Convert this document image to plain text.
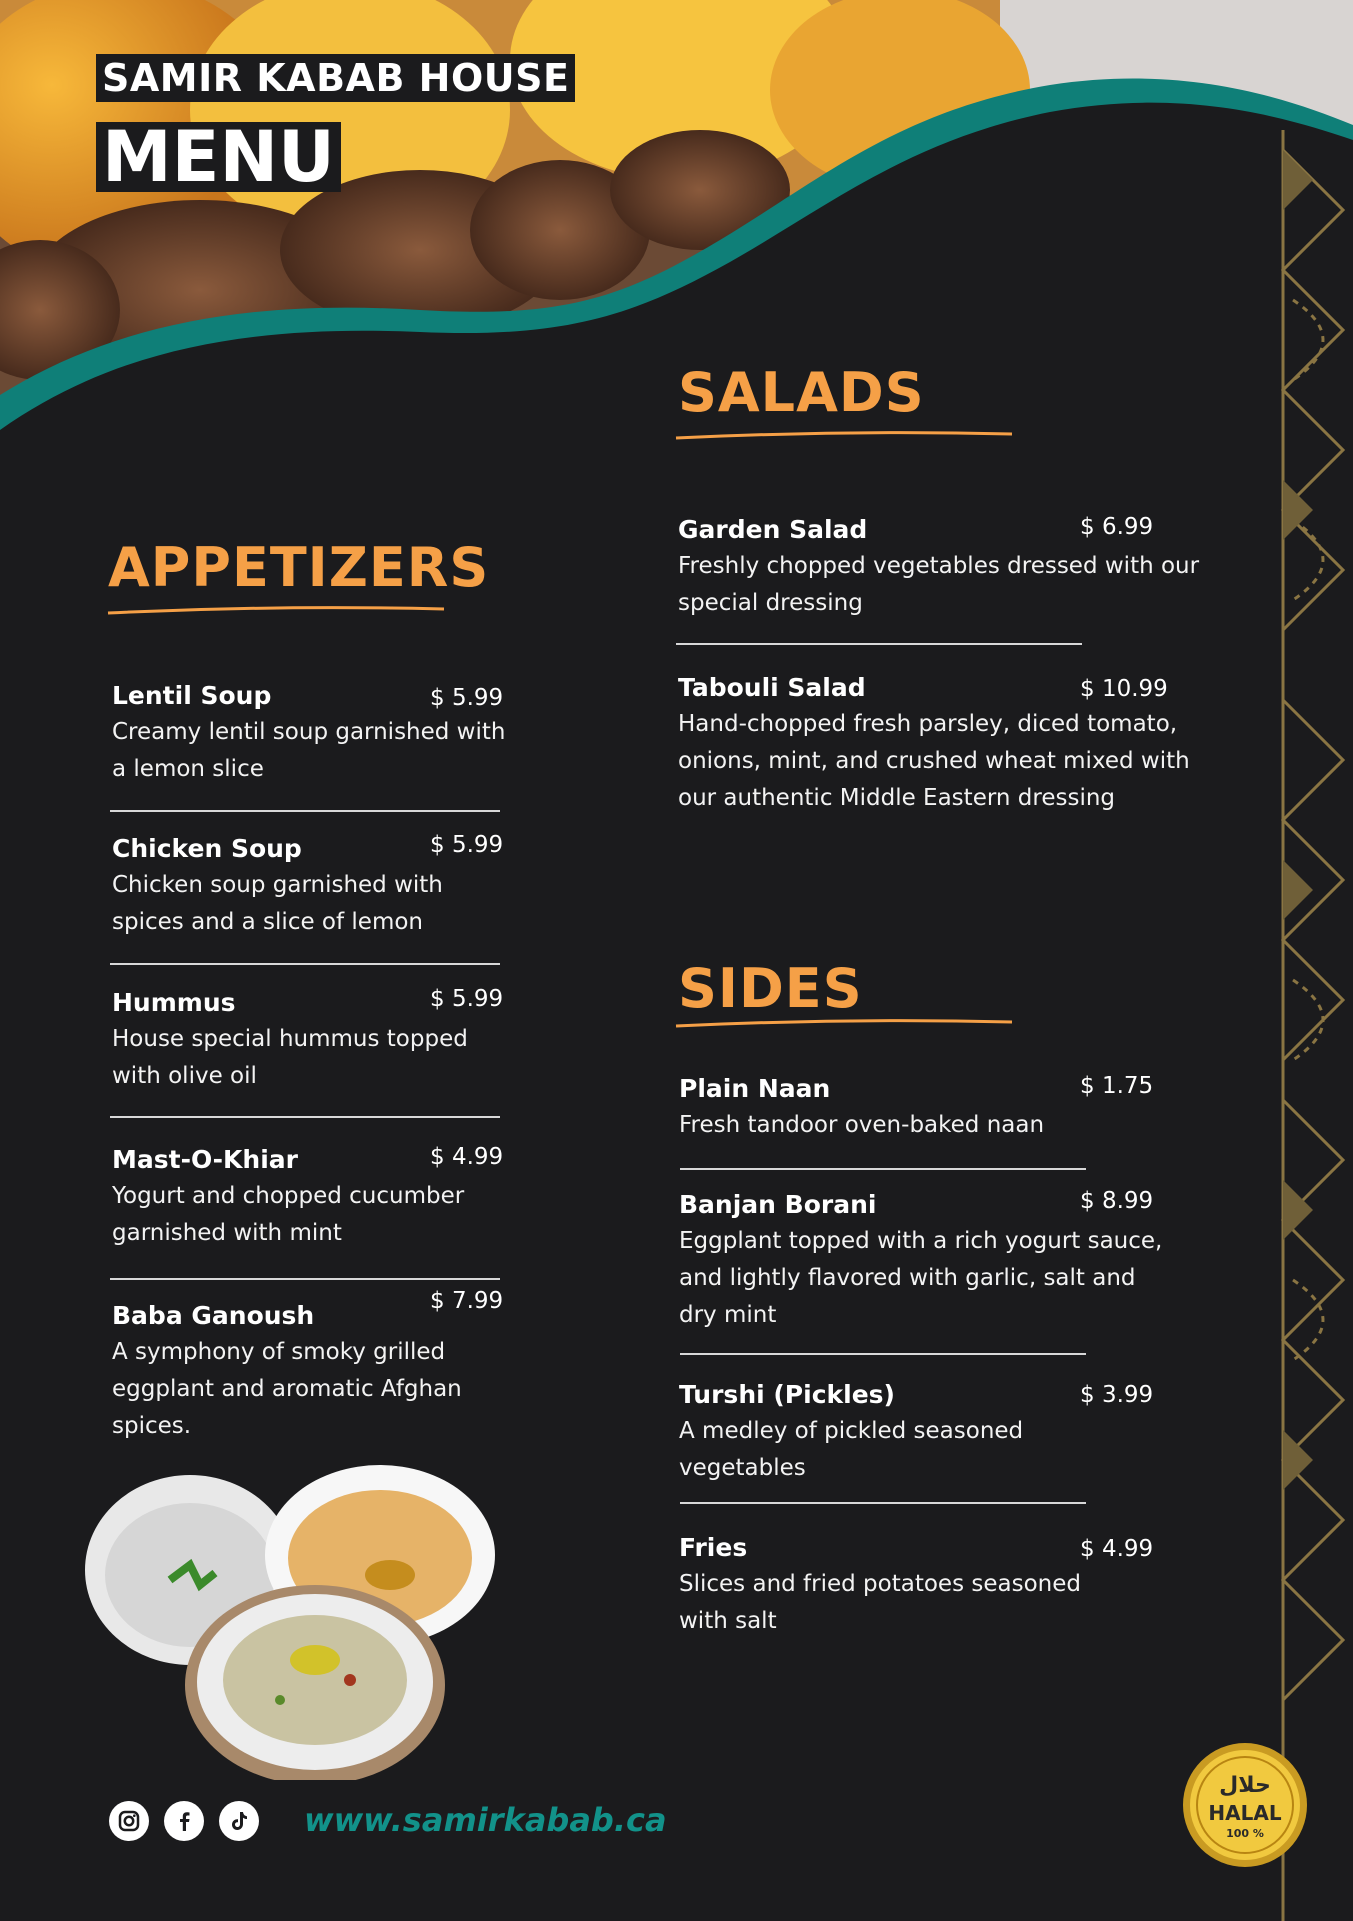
SAMIR KABAB HOUSE
MENU
APPETIZERS
Lentil Soup	$ 5.99
Creamy lentil soup garnished with
a lemon slice
Chicken Soup	$ 5.99
Chicken soup garnished with
spices and a slice of lemon
Hummus	$ 5.99
House special hummus topped
with olive oil
Mast-O-Khiar	$ 4.99
Yogurt and chopped cucumber
garnished with mint
Baba Ganoush	$ 7.99
A symphony of smoky grilled
eggplant and aromatic Afghan
spices.
SALADS
Garden Salad	$ 6.99
Freshly chopped vegetables dressed with our
special dressing
Tabouli Salad	$ 10.99
Hand-chopped fresh parsley, diced tomato,
onions, mint, and crushed wheat mixed with
our authentic Middle Eastern dressing
SIDES
Plain Naan	$ 1.75
Fresh tandoor oven-baked naan
Banjan Borani	$ 8.99
Eggplant topped with a rich yogurt sauce,
and lightly flavored with garlic, salt and
dry mint
Turshi (Pickles)	$ 3.99
A medley of pickled seasoned
vegetables
Fries	$ 4.99
Slices and fried potatoes seasoned
with salt
www.samirkabab.ca
حلال
HALAL
100 %
